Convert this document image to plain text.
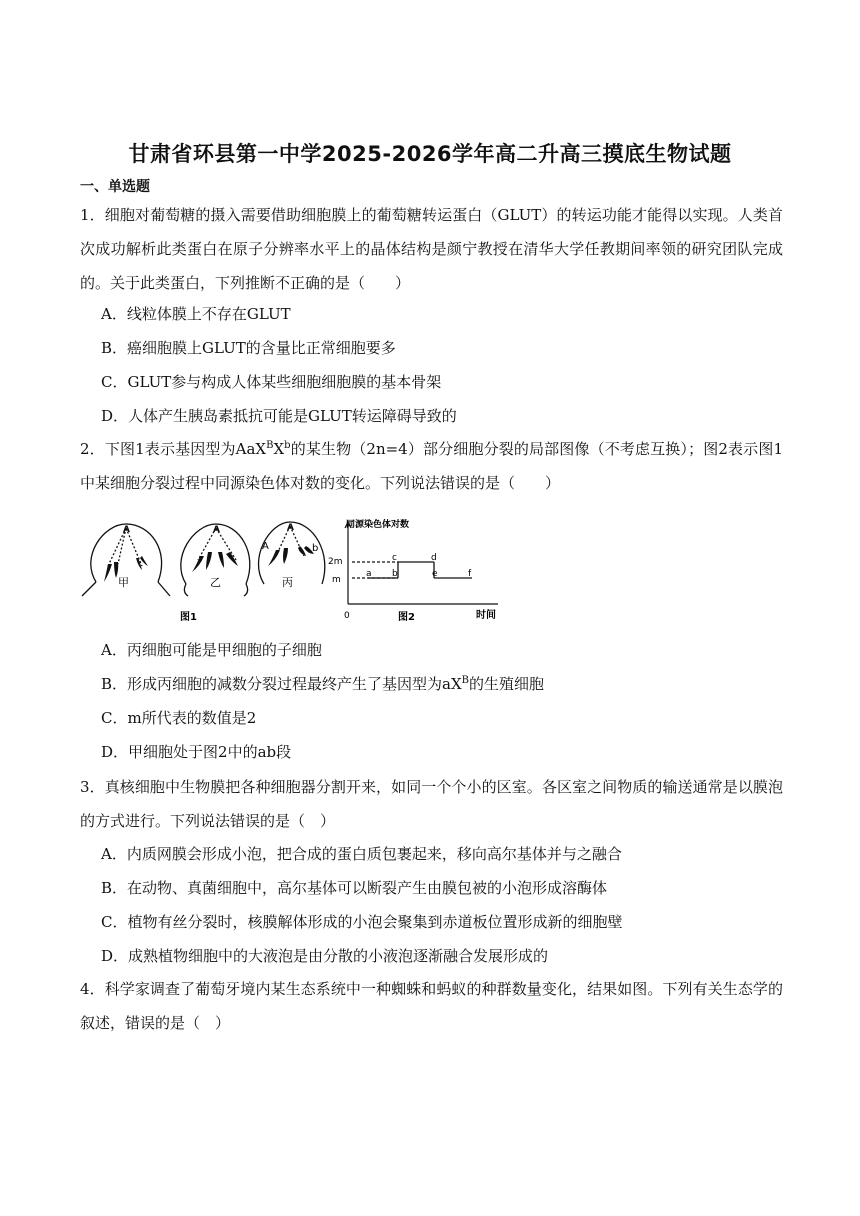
甘肃省环县第一中学2025-2026学年高二升高三摸底生物试题
一、单选题
1．细胞对葡萄糖的摄入需要借助细胞膜上的葡萄糖转运蛋白（GLUT）的转运功能才能得以实现。人类首次成功解析此类蛋白在原子分辨率水平上的晶体结构是颜宁教授在清华大学任教期间率领的研究团队完成的。关于此类蛋白，下列推断不正确的是（　　）
A．线粒体膜上不存在GLUT
B．癌细胞膜上GLUT的含量比正常细胞要多
C．GLUT参与构成人体某些细胞细胞膜的基本骨架
D．人体产生胰岛素抵抗可能是GLUT转运障碍导致的
2．下图1表示基因型为$AaX^BX^b$的某生物（2n=4）部分细胞分裂的局部图像（不考虑互换）；图2表示图1中某细胞分裂过程中同源染色体对数的变化。下列说法错误的是（　　）
A
甲
A
乙
A
A	b
丙
图1
同源染色体对数
2m
m
0	时间
a b
c	d
e	f
图2
A．丙细胞可能是甲细胞的子细胞
B．形成丙细胞的减数分裂过程最终产生了基因型为$aX^B$的生殖细胞
C．m所代表的数值是2
D．甲细胞处于图2中的ab段
3．真核细胞中生物膜把各种细胞器分割开来，如同一个个小的区室。各区室之间物质的输送通常是以膜泡的方式进行。下列说法错误的是（　）
A．内质网膜会形成小泡，把合成的蛋白质包裹起来，移向高尔基体并与之融合
B．在动物、真菌细胞中，高尔基体可以断裂产生由膜包被的小泡形成溶酶体
C．植物有丝分裂时，核膜解体形成的小泡会聚集到赤道板位置形成新的细胞壁
D．成熟植物细胞中的大液泡是由分散的小液泡逐渐融合发展形成的
4．科学家调查了葡萄牙境内某生态系统中一种蜘蛛和蚂蚁的种群数量变化，结果如图。下列有关生态学的叙述，错误的是（　）
